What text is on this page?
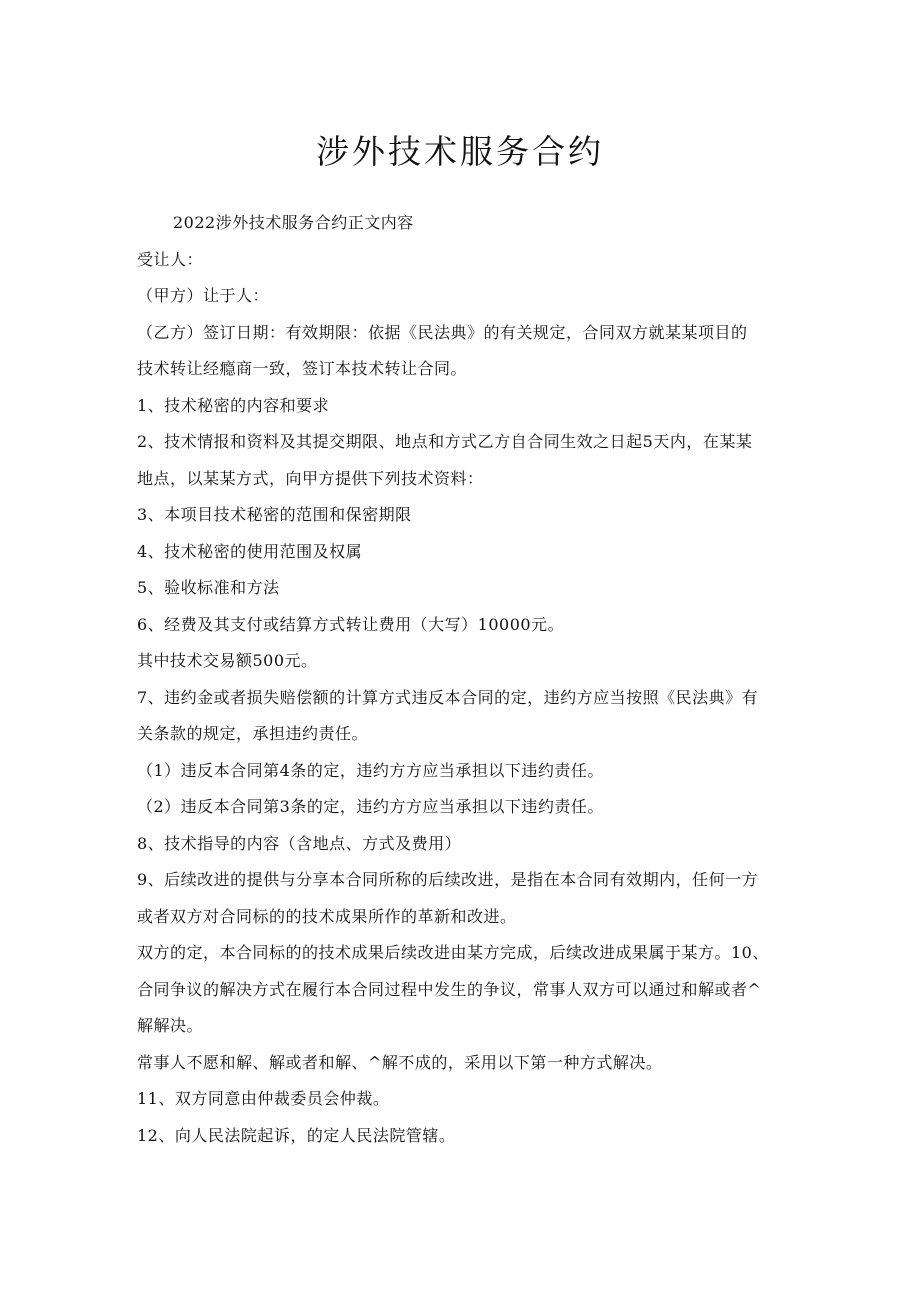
涉外技术服务合约
2022涉外技术服务合约正文内容
受让人：
（甲方）让于人：
（乙方）签订日期：有效期限：依据《民法典》的有关规定，合同双方就某某项目的
技术转让经瘾商一致，签订本技术转让合同。
1、技术秘密的内容和要求
2、技术情报和资料及其提交期限、地点和方式乙方自合同生效之日起5天内，在某某
地点，以某某方式，向甲方提供下列技术资料：
3、本项目技术秘密的范围和保密期限
4、技术秘密的使用范围及权属
5、验收标准和方法
6、经费及其支付或结算方式转让费用（大写）10000元。
其中技术交易额500元。
7、违约金或者损失赔偿额的计算方式违反本合同的定，违约方应当按照《民法典》有
关条款的规定，承担违约责任。
（1）违反本合同第4条的定，违约方方应当承担以下违约责任。
（2）违反本合同第3条的定，违约方方应当承担以下违约责任。
8、技术指导的内容（含地点、方式及费用）
9、后续改进的提供与分享本合同所称的后续改进，是指在本合同有效期内，任何一方
或者双方对合同标的的技术成果所作的革新和改进。
双方的定，本合同标的的技术成果后续改进由某方完成，后续改进成果属于某方。10、
合同争议的解决方式在履行本合同过程中发生的争议，常事人双方可以通过和解或者^
解解决。
常事人不愿和解、解或者和解、^解不成的，采用以下第一种方式解决。
11、双方同意由仲裁委员会仲裁。
12、向人民法院起诉，的定人民法院管辖。
